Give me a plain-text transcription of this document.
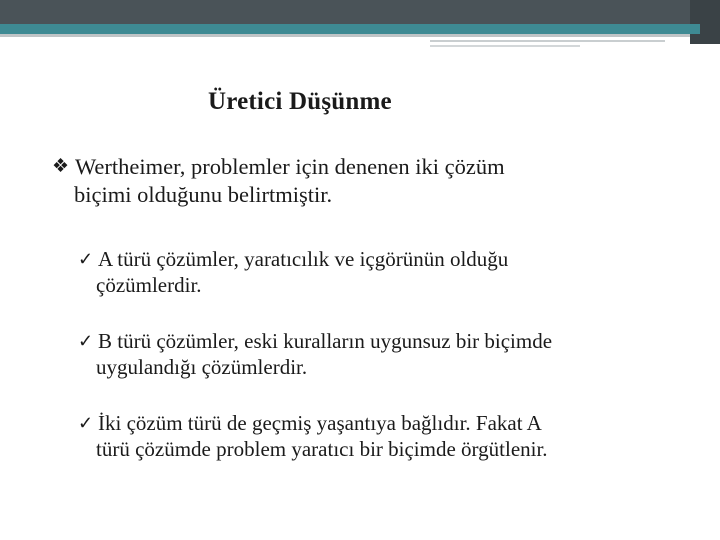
Üretici Düşünme
❖ Wertheimer, problemler için denenen iki çözüm
biçimi olduğunu belirtmiştir.
✓ A türü çözümler, yaratıcılık ve içgörünün olduğu
çözümlerdir.
✓ B türü çözümler, eski kuralların uygunsuz bir biçimde
uygulandığı çözümlerdir.
✓ İki çözüm türü de geçmiş yaşantıya bağlıdır. Fakat A
türü çözümde problem yaratıcı bir biçimde örgütlenir.
